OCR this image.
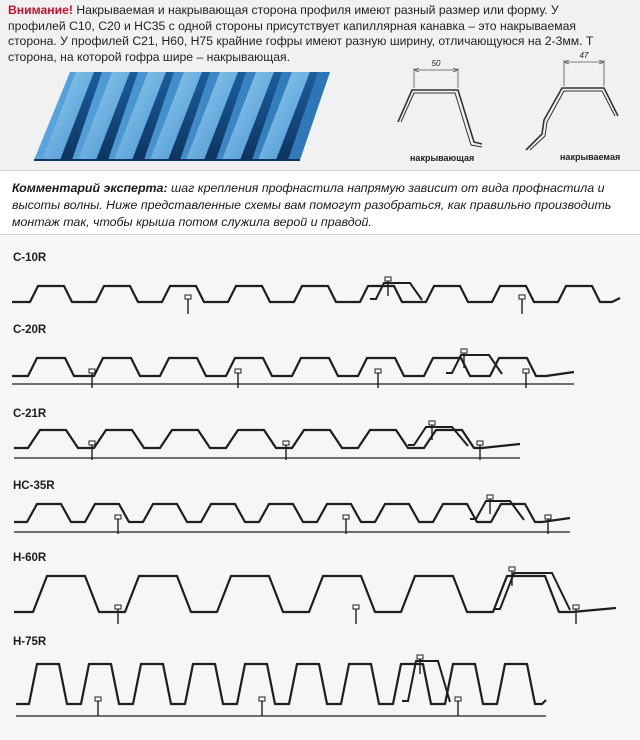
Внимание! Накрываемая и накрывающая сторона профиля имеют разный размер или форму. У
профилей С10, С20 и НС35 с одной стороны присутствует капиллярная канавка – это накрываемая
сторона. У профилей С21, Н60, Н75 крайние гофры имеют разную ширину, отличающуюся на 2-3мм. Т
сторона, на которой гофра шире – накрывающая.	50
накрывающая
47
накрываемая
Комментарий эксперта: шаг крепления профнастила напрямую зависит от вида профнастила и высоты волны. Ниже представленные схемы вам помогут разобраться, как правильно производить монтаж так, чтобы крыша потом служила верой и правдой.
С-10R
С-20R
С-21R
НС-35R
Н-60R
Н-75R
